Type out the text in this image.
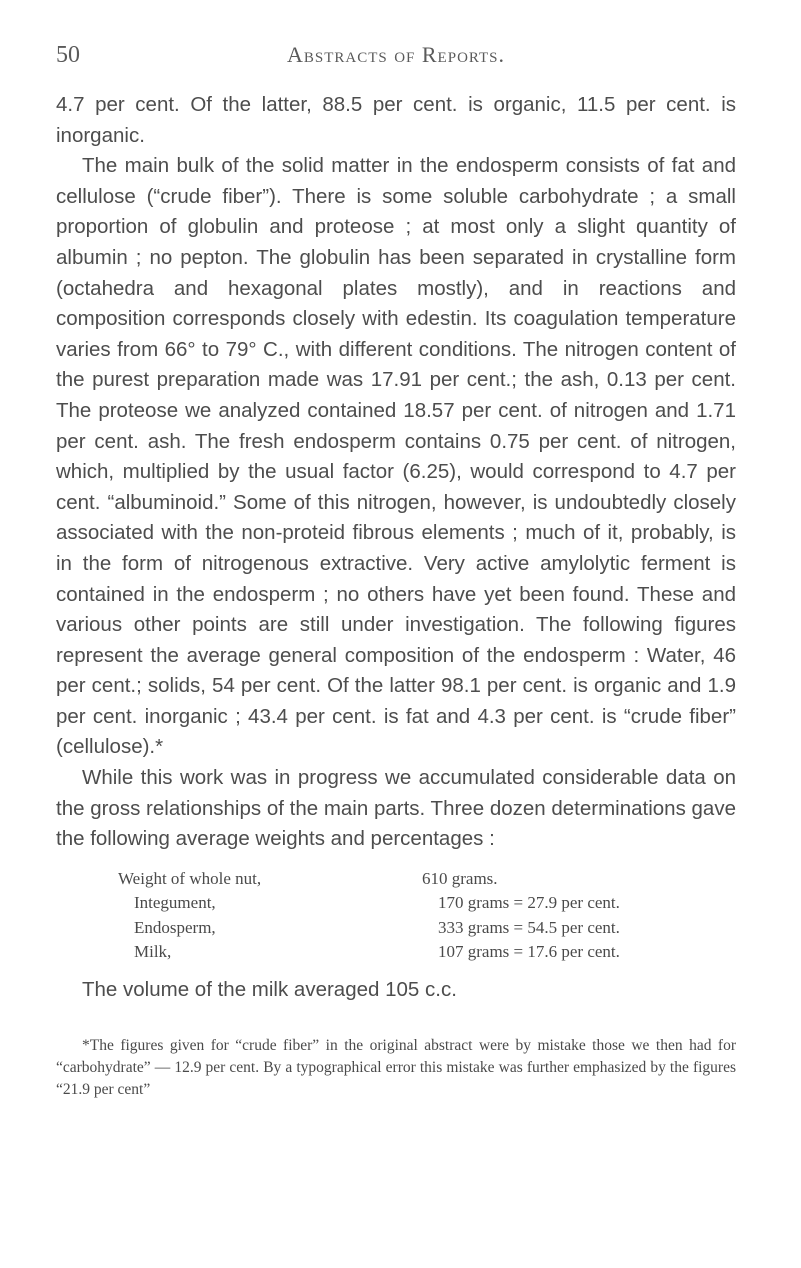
50	Abstracts of Reports.

4.7 per cent. Of the latter, 88.5 per cent. is organic, 11.5 per cent. is inorganic.

The main bulk of the solid matter in the endosperm consists of fat and cellulose (“crude fiber”). There is some soluble carbohydrate ; a small proportion of globulin and proteose ; at most only a slight quantity of albumin ; no pepton. The globulin has been separated in crystalline form (octahedra and hexagonal plates mostly), and in reactions and composition corresponds closely with edestin. Its coagulation temperature varies from 66° to 79° C., with different conditions. The nitrogen content of the purest preparation made was 17.91 per cent.; the ash, 0.13 per cent. The proteose we analyzed contained 18.57 per cent. of nitrogen and 1.71 per cent. ash. The fresh endosperm contains 0.75 per cent. of nitrogen, which, multiplied by the usual factor (6.25), would correspond to 4.7 per cent. “albuminoid.” Some of this nitrogen, however, is undoubtedly closely associated with the non-proteid fibrous elements ; much of it, probably, is in the form of nitrogenous extractive. Very active amylolytic ferment is contained in the endosperm ; no others have yet been found. These and various other points are still under investigation. The following figures represent the average general composition of the endosperm : Water, 46 per cent.; solids, 54 per cent. Of the latter 98.1 per cent. is organic and 1.9 per cent. inorganic ; 43.4 per cent. is fat and 4.3 per cent. is “crude fiber” (cellulose).*

While this work was in progress we accumulated considerable data on the gross relationships of the main parts. Three dozen determinations gave the following average weights and percentages :

Weight of whole nut,	610 grams.
Integument,	170 grams = 27.9 per cent.
Endosperm,	333 grams = 54.5 per cent.
Milk,	107 grams = 17.6 per cent.

The volume of the milk averaged 105 c.c.

*The figures given for “crude fiber” in the original abstract were by mistake those we then had for “carbohydrate” — 12.9 per cent. By a typographical error this mistake was further emphasized by the figures “21.9 per cent”
